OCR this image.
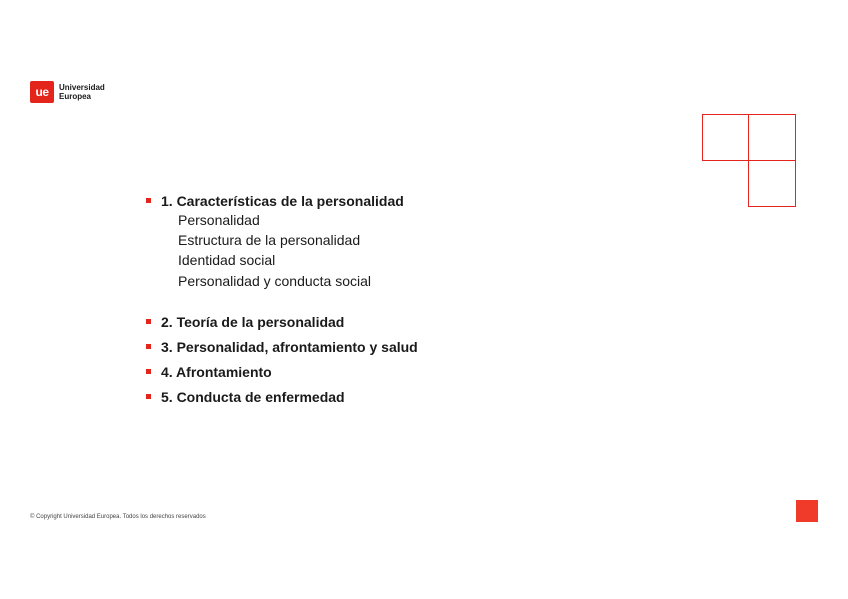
ue	Universidad
Europea
1. Características de la personalidad
Personalidad
Estructura de la personalidad
Identidad social
Personalidad y conducta social
2. Teoría de la personalidad
3. Personalidad, afrontamiento y salud
4. Afrontamiento
5. Conducta de enfermedad
© Copyright Universidad Europea. Todos los derechos reservados
